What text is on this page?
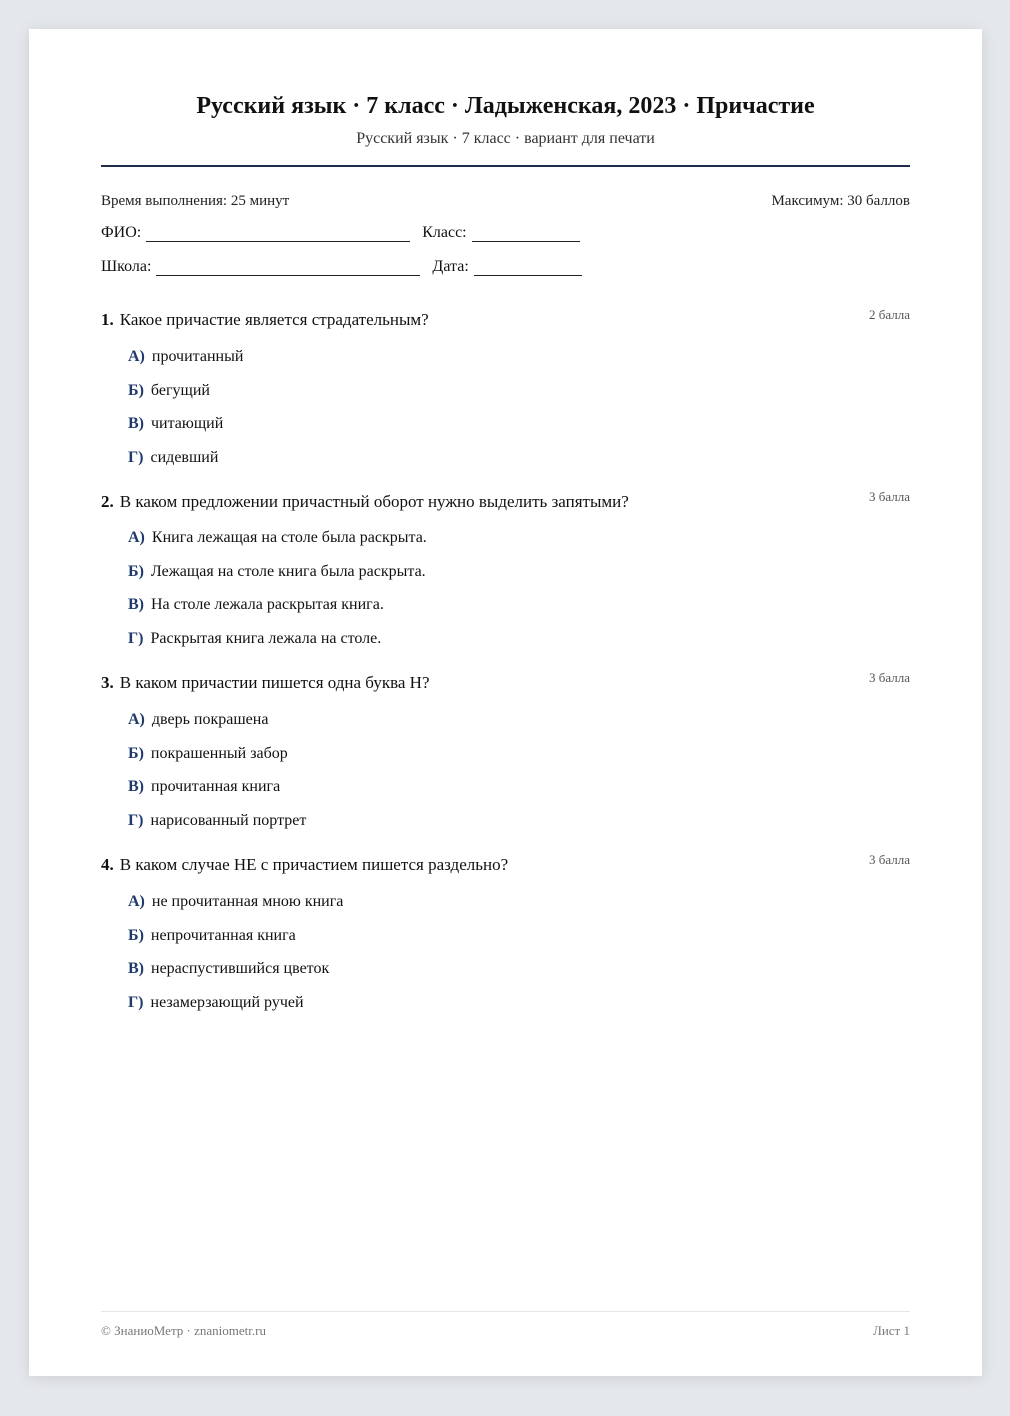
Русский язык · 7 класс · Ладыженская, 2023 · Причастие
Русский язык · 7 класс · вариант для печати
Время выполнения: 25 минут	Максимум: 30 баллов
ФИО:	Класс:
Школа:	Дата:
1. Какое причастие является страдательным?	2 балла
А) прочитанный
Б) бегущий
В) читающий
Г) сидевший
2. В каком предложении причастный оборот нужно выделить запятыми?	3 балла
А) Книга лежащая на столе была раскрыта.
Б) Лежащая на столе книга была раскрыта.
В) На столе лежала раскрытая книга.
Г) Раскрытая книга лежала на столе.
3. В каком причастии пишется одна буква Н?	3 балла
А) дверь покрашена
Б) покрашенный забор
В) прочитанная книга
Г) нарисованный портрет
4. В каком случае НЕ с причастием пишется раздельно?	3 балла
А) не прочитанная мною книга
Б) непрочитанная книга
В) нераспустившийся цветок
Г) незамерзающий ручей
© ЗнаниоМетр · znaniometr.ru	Лист 1
